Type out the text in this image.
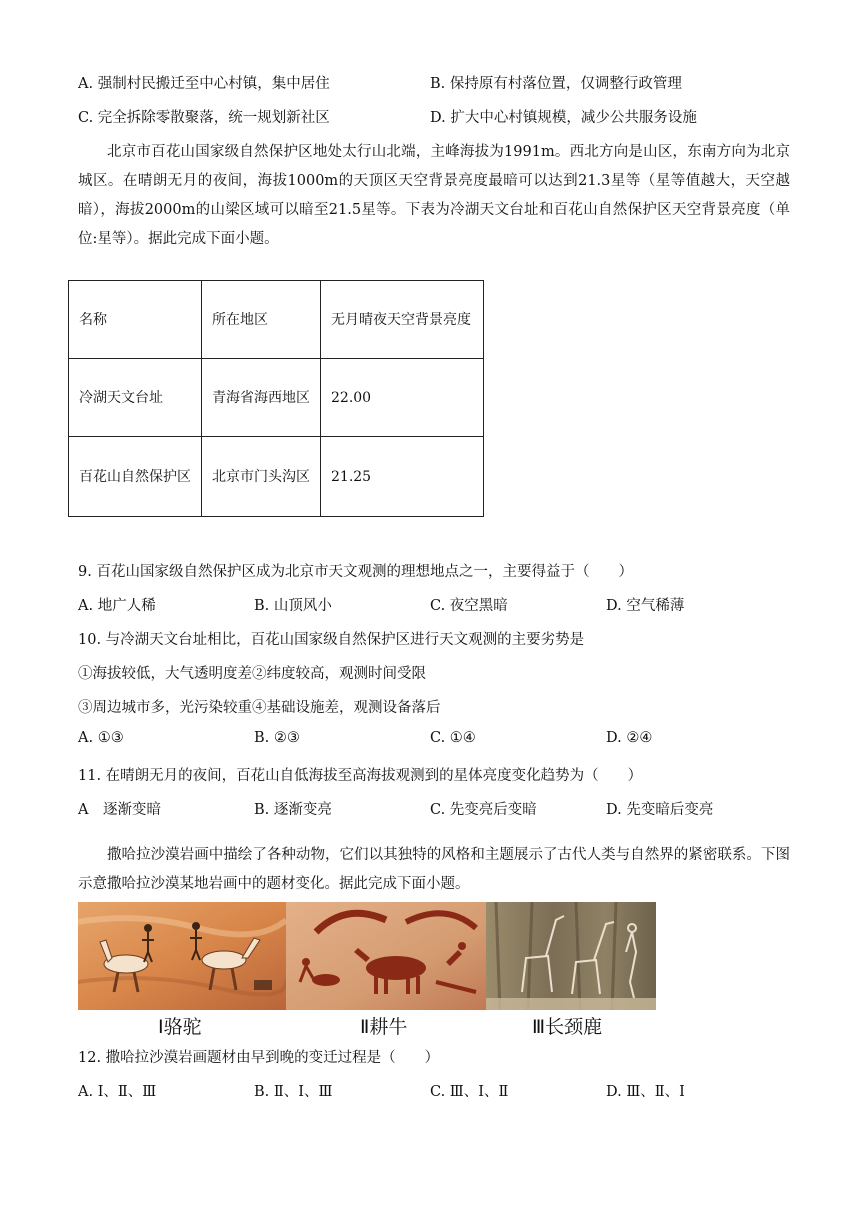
A. 强制村民搬迁至中心村镇，集中居住	B. 保持原有村落位置，仅调整行政管理
C. 完全拆除零散聚落，统一规划新社区	D. 扩大中心村镇规模，减少公共服务设施
北京市百花山国家级自然保护区地处太行山北端，主峰海拔为1991m。西北方向是山区，东南方向为北京城区。在晴朗无月的夜间，海拔1000m的天顶区天空背景亮度最暗可以达到21.3星等（星等值越大，天空越暗），海拔2000m的山梁区域可以暗至21.5星等。下表为冷湖天文台址和百花山自然保护区天空背景亮度（单位:星等）。据此完成下面小题。
名称	所在地区	无月晴夜天空背景亮度
冷湖天文台址	青海省海西地区	22.00
百花山自然保护区	北京市门头沟区	21.25
9. 百花山国家级自然保护区成为北京市天文观测的理想地点之一，主要得益于（　　）
A. 地广人稀	B. 山顶风小	C. 夜空黑暗	D. 空气稀薄
10. 与冷湖天文台址相比，百花山国家级自然保护区进行天文观测的主要劣势是
①海拔较低，大气透明度差②纬度较高，观测时间受限
③周边城市多，光污染较重④基础设施差，观测设备落后
A. ①③	B. ②③	C. ①④	D. ②④
11. 在晴朗无月的夜间，百花山自低海拔至高海拔观测到的星体亮度变化趋势为（　　）
A　逐渐变暗	B. 逐渐变亮	C. 先变亮后变暗	D. 先变暗后变亮
撒哈拉沙漠岩画中描绘了各种动物，它们以其独特的风格和主题展示了古代人类与自然界的紧密联系。下图示意撒哈拉沙漠某地岩画中的题材变化。据此完成下面小题。
Ⅰ骆驼	Ⅱ耕牛	Ⅲ长颈鹿
12. 撒哈拉沙漠岩画题材由早到晚的变迁过程是（　　）
A. Ⅰ、Ⅱ、Ⅲ	B. Ⅱ、Ⅰ、Ⅲ	C. Ⅲ、Ⅰ、Ⅱ	D. Ⅲ、Ⅱ、Ⅰ
